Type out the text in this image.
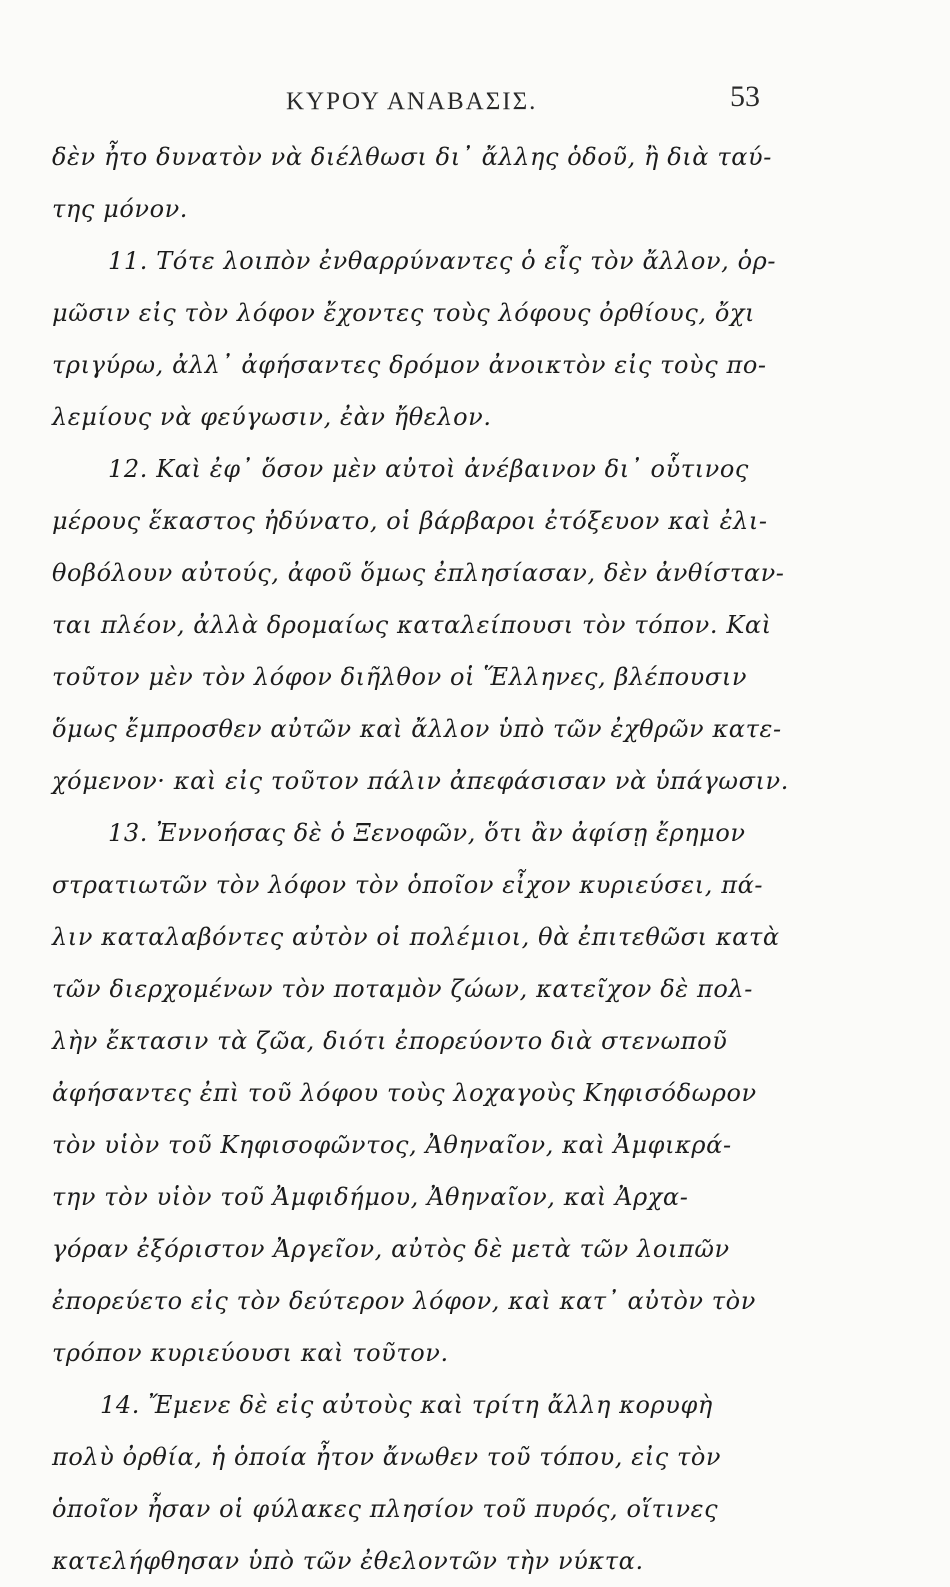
ΚΥΡΟΥ ΑΝΑΒΑΣΙΣ.	53
δὲν ἦτο δυνατὸν νὰ διέλθωσι δι᾿ ἄλλης ὁδοῦ, ἢ διὰ ταύ-
της μόνον.
11. Τότε λοιπὸν ἐνθαρρύναντες ὁ εἷς τὸν ἄλλον, ὁρ-
μῶσιν εἰς τὸν λόφον ἔχοντες τοὺς λόφους ὀρθίους, ὄχι
τριγύρω, ἀλλ᾿ ἀφήσαντες δρόμον ἀνοικτὸν εἰς τοὺς πο-
λεμίους νὰ φεύγωσιν, ἐὰν ἤθελον.
12. Καὶ ἐφ᾿ ὅσον μὲν αὐτοὶ ἀνέβαινον δι᾿ οὗτινος
μέρους ἕκαστος ἠδύνατο, οἱ βάρβαροι ἐτόξευον καὶ ἐλι-
θοβόλουν αὐτούς, ἀφοῦ ὅμως ἐπλησίασαν, δὲν ἀνθίσταν-
ται πλέον, ἀλλὰ δρομαίως καταλείπουσι τὸν τόπον. Καὶ
τοῦτον μὲν τὸν λόφον διῆλθον οἱ Ἕλληνες, βλέπουσιν
ὅμως ἔμπροσθεν αὐτῶν καὶ ἄλλον ὑπὸ τῶν ἐχθρῶν κατε-
χόμενον· καὶ εἰς τοῦτον πάλιν ἀπεφάσισαν νὰ ὑπάγωσιν.
13. Ἐννοήσας δὲ ὁ Ξενοφῶν, ὅτι ἂν ἀφίσῃ ἔρημον
στρατιωτῶν τὸν λόφον τὸν ὁποῖον εἶχον κυριεύσει, πά-
λιν καταλαβόντες αὐτὸν οἱ πολέμιοι, θὰ ἐπιτεθῶσι κατὰ
τῶν διερχομένων τὸν ποταμὸν ζώων, κατεῖχον δὲ πολ-
λὴν ἔκτασιν τὰ ζῶα, διότι ἐπορεύοντο διὰ στενωποῦ
ἀφήσαντες ἐπὶ τοῦ λόφου τοὺς λοχαγοὺς Κηφισόδωρον
τὸν υἱὸν τοῦ Κηφισοφῶντος, Ἀθηναῖον, καὶ Ἀμφικρά-
την τὸν υἱὸν τοῦ Ἀμφιδήμου, Ἀθηναῖον, καὶ Ἀρχα-
γόραν ἐξόριστον Ἀργεῖον, αὐτὸς δὲ μετὰ τῶν λοιπῶν
ἐπορεύετο εἰς τὸν δεύτερον λόφον, καὶ κατ᾿ αὐτὸν τὸν
τρόπον κυριεύουσι καὶ τοῦτον.
14. Ἔμενε δὲ εἰς αὐτοὺς καὶ τρίτη ἄλλη κορυφὴ
πολὺ ὀρθία, ἡ ὁποία ἦτον ἄνωθεν τοῦ τόπου, εἰς τὸν
ὁποῖον ἦσαν οἱ φύλακες πλησίον τοῦ πυρός, οἵτινες
κατελήφθησαν ὑπὸ τῶν ἐθελοντῶν τὴν νύκτα.
